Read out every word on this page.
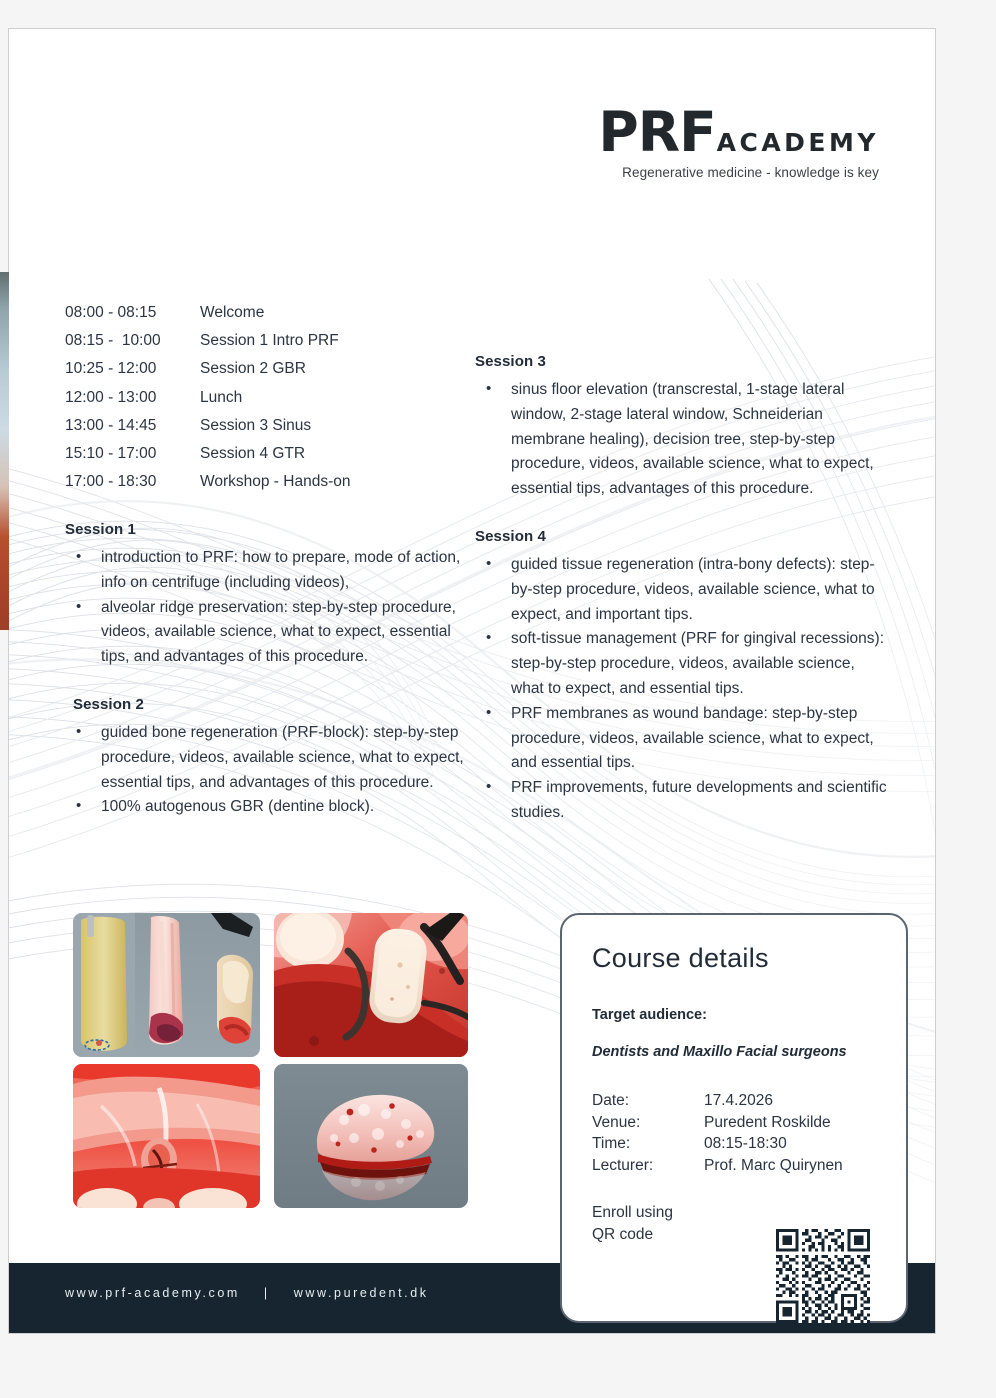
PRF ACADEMY
Regenerative medicine - knowledge is key
08:00 - 08:15	Welcome
08:15 -  10:00	Session 1 Intro PRF
10:25 - 12:00	Session 2 GBR
12:00 - 13:00	Lunch
13:00 - 14:45	Session 3 Sinus
15:10 - 17:00	Session 4 GTR
17:00 - 18:30	Workshop - Hands-on
Session 1
• introduction to PRF: how to prepare, mode of action, info on centrifuge (including videos),
• alveolar ridge preservation: step-by-step procedure, videos, available science, what to expect, essential tips, and advantages of this procedure.
Session 2
• guided bone regeneration (PRF-block): step-by-step procedure, videos, available science, what to expect, essential tips, and advantages of this procedure.
• 100% autogenous GBR (dentine block).
Session 3
• sinus floor elevation (transcrestal, 1-stage lateral window, 2-stage lateral window, Schneiderian membrane healing), decision tree, step-by-step procedure, videos, available science, what to expect, essential tips, advantages of this procedure.
Session 4
• guided tissue regeneration (intra-bony defects): step-by-step procedure, videos, available science, what to expect, and important tips.
• soft-tissue management (PRF for gingival recessions): step-by-step procedure, videos, available science, what to expect, and essential tips.
• PRF membranes as wound bandage: step-by-step procedure, videos, available science, what to expect, and essential tips.
• PRF improvements, future developments and scientific studies.
Course details
Target audience:
Dentists and Maxillo Facial surgeons
Date:	17.4.2026
Venue:	Puredent Roskilde
Time:	08:15-18:30
Lecturer:	Prof. Marc Quirynen
Enroll using
QR code
www.prf-academy.com | www.puredent.dk
